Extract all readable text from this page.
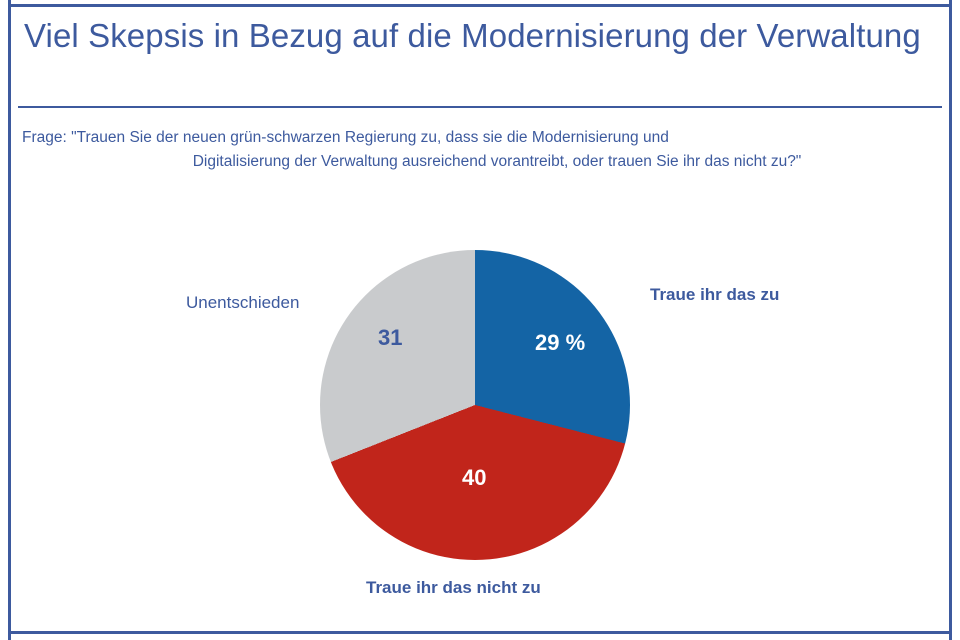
Viel Skepsis in Bezug auf die Modernisierung der Verwaltung
Frage: "Trauen Sie der neuen grün-schwarzen Regierung zu, dass sie die Modernisierung und
Digitalisierung der Verwaltung ausreichend vorantreibt, oder trauen Sie ihr das nicht zu?"
29 %
40
31
Traue ihr das zu
Traue ihr das nicht zu
Unentschieden
